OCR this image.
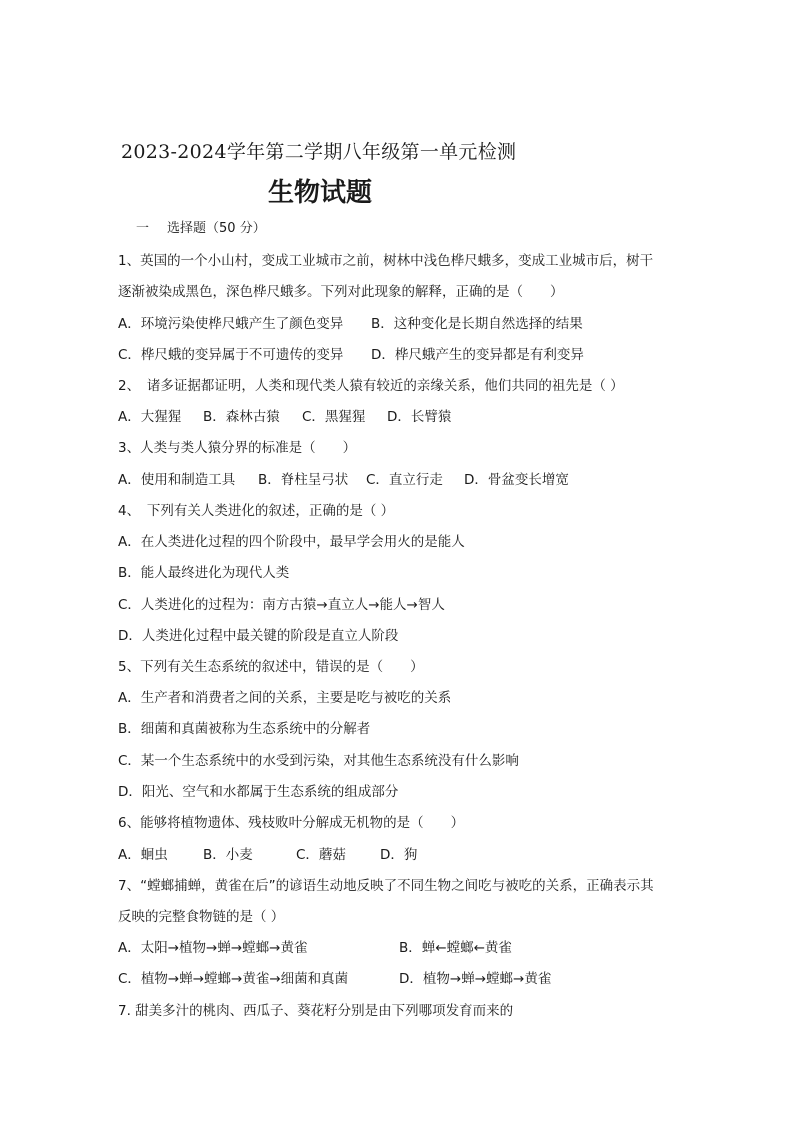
2023-2024学年第二学期八年级第一单元检测
生物试题
一 选择题（50 分）
1、英国的一个小山村，变成工业城市之前，树林中浅色桦尺蛾多，变成工业城市后，树干
逐渐被染成黑色，深色桦尺蛾多。下列对此现象的解释，正确的是（　　）
A．环境污染使桦尺蛾产生了颜色变异 B．这种变化是长期自然选择的结果
C．桦尺蛾的变异属于不可遗传的变异 D．桦尺蛾产生的变异都是有利变异
2、　诸多证据都证明，人类和现代类人猿有较近的亲缘关系，他们共同的祖先是（ ）
A．大猩猩 B．森林古猿 C．黑猩猩 D．长臂猿
3、人类与类人猿分界的标准是（　　）
A．使用和制造工具 B．脊柱呈弓状 C．直立行走 D．骨盆变长增宽
4、　下列有关人类进化的叙述，正确的是（ ）
A．在人类进化过程的四个阶段中，最早学会用火的是能人
B．能人最终进化为现代人类
C．人类进化的过程为：南方古猿→直立人→能人→智人
D．人类进化过程中最关键的阶段是直立人阶段
5、下列有关生态系统的叙述中，错误的是（　　）
A．生产者和消费者之间的关系，主要是吃与被吃的关系
B．细菌和真菌被称为生态系统中的分解者
C．某一个生态系统中的水受到污染，对其他生态系统没有什么影响
D．阳光、空气和水都属于生态系统的组成部分
6、能够将植物遗体、残枝败叶分解成无机物的是（　　）
A．蛔虫	B．小麦	C．蘑菇	D．狗
7、“螳螂捕蝉，黄雀在后”的谚语生动地反映了不同生物之间吃与被吃的关系，正确表示其
反映的完整食物链的是（ ）
A．太阳→植物→蝉→螳螂→黄雀	B．蝉←螳螂←黄雀
C．植物→蝉→螳螂→黄雀→细菌和真菌	D．植物→蝉→螳螂→黄雀
7. 甜美多汁的桃肉、西瓜子、葵花籽分别是由下列哪项发育而来的
